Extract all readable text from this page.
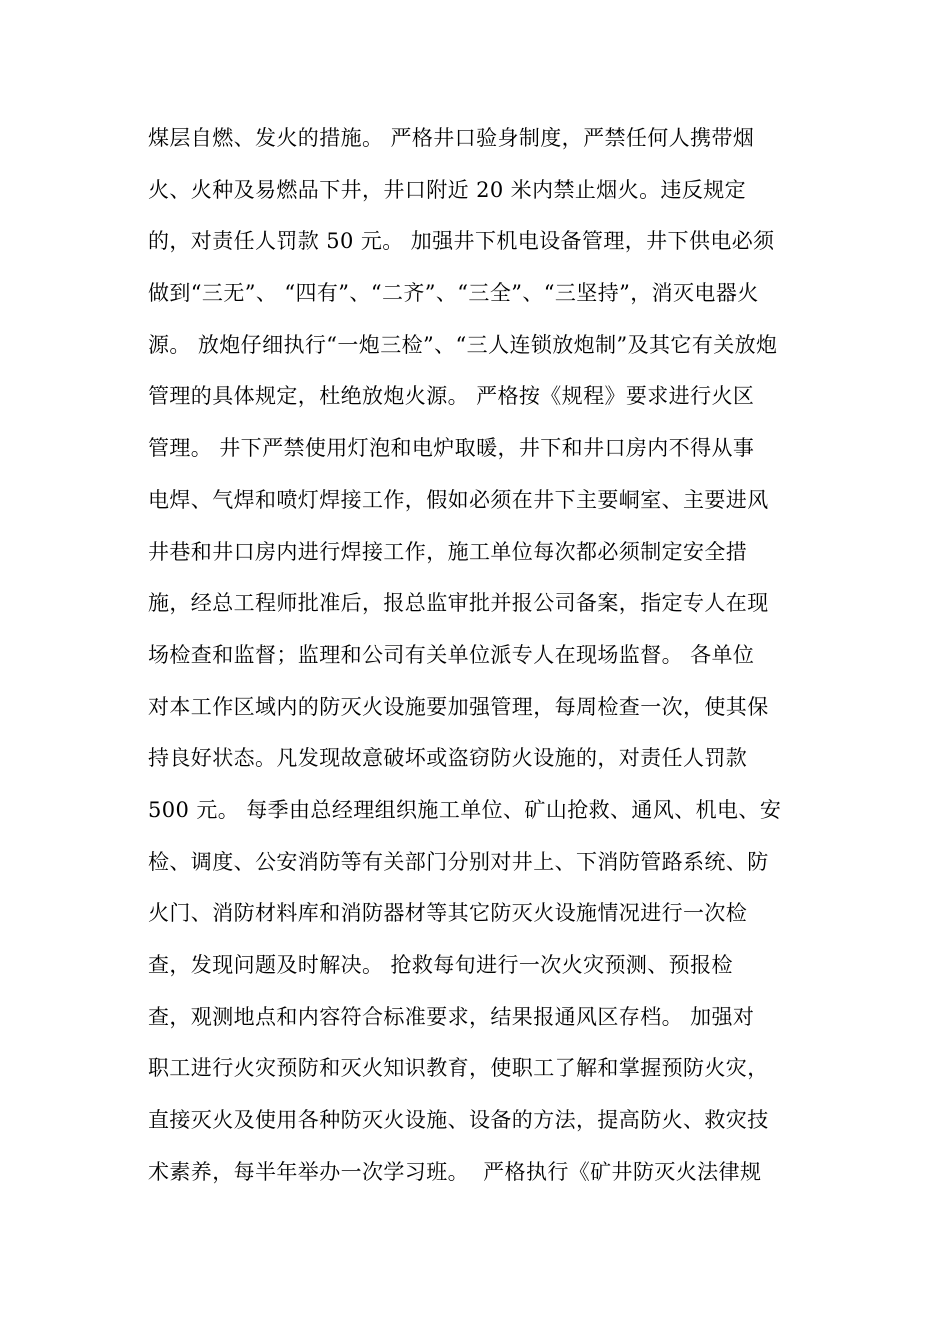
煤层自燃、发火的措施。 严格井口验身制度，严禁任何人携带烟
火、火种及易燃品下井，井口附近 20 米内禁止烟火。违反规定
的，对责任人罚款 50 元。 加强井下机电设备管理，井下供电必须
做到“三无”、 “四有”、“二齐”、“三全”、“三坚持”，消灭电器火
源。 放炮仔细执行“一炮三检”、“三人连锁放炮制”及其它有关放炮
管理的具体规定，杜绝放炮火源。 严格按《规程》要求进行火区
管理。 井下严禁使用灯泡和电炉取暖，井下和井口房内不得从事
电焊、气焊和喷灯焊接工作，假如必须在井下主要峒室、主要进风
井巷和井口房内进行焊接工作，施工单位每次都必须制定安全措
施，经总工程师批准后，报总监审批并报公司备案，指定专人在现
场检查和监督；监理和公司有关单位派专人在现场监督。 各单位
对本工作区域内的防灭火设施要加强管理，每周检查一次，使其保
持良好状态。凡发现故意破坏或盗窃防火设施的，对责任人罚款
500 元。 每季由总经理组织施工单位、矿山抢救、通风、机电、安
检、调度、公安消防等有关部门分别对井上、下消防管路系统、防
火门、消防材料库和消防器材等其它防灭火设施情况进行一次检
查，发现问题及时解决。 抢救每旬进行一次火灾预测、预报检
查，观测地点和内容符合标准要求，结果报通风区存档。 加强对
职工进行火灾预防和灭火知识教育，使职工了解和掌握预防火灾，
直接灭火及使用各种防灭火设施、设备的方法，提高防火、救灾技
术素养，每半年举办一次学习班。  严格执行《矿井防灭火法律规
